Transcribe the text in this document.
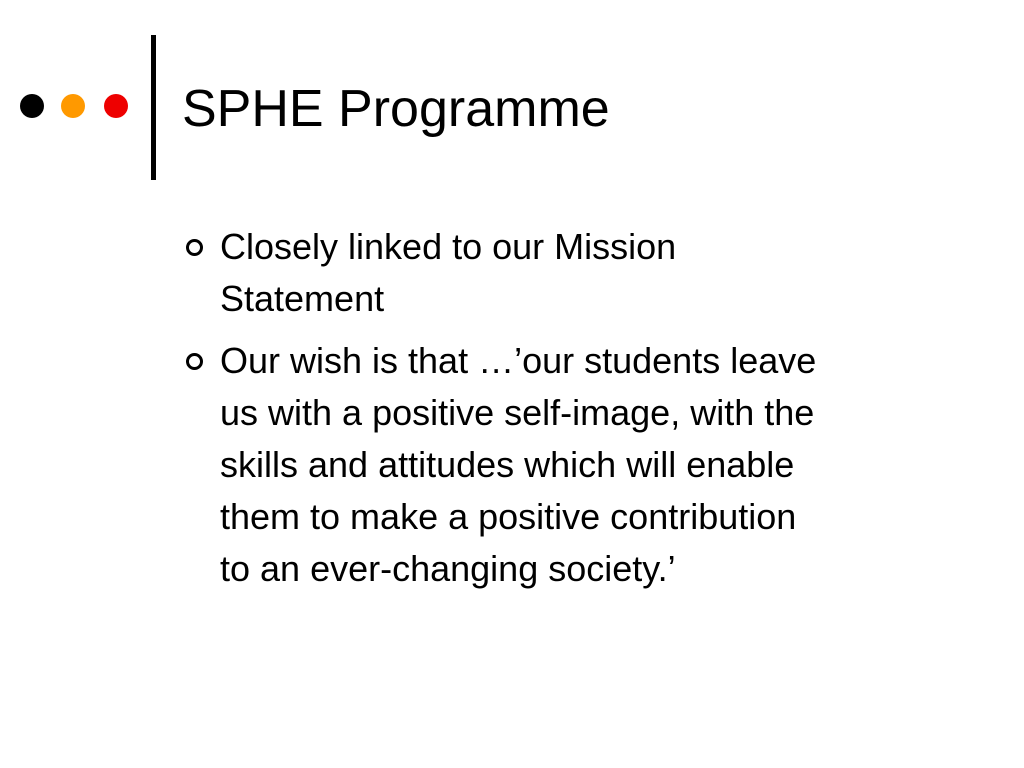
SPHE Programme
Closely linked to our Mission
Statement
Our wish is that …’our students leave
us with a positive self-image, with the
skills and attitudes which will enable
them to make a positive contribution
to an ever-changing society.’
